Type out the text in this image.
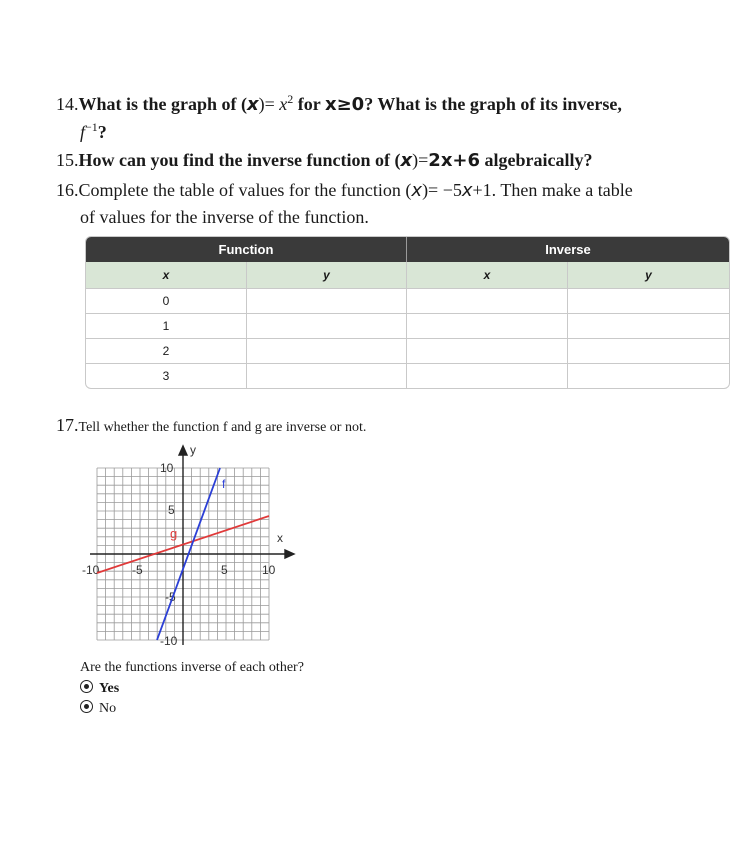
14.What is the graph of $(x)= x^2$ for x≥0? What is the graph of its inverse,
$f^{-1}$?
15.How can you find the inverse function of (x)=2x+6 algebraically?
16.Complete the table of values for the function (x)= −5x+1. Then make a table
of values for the inverse of the function.
Function	Inverse
x	y	x	y
0
1
2
3
17.Tell whether the function f and g are inverse or not.
y
x
10
5
-5
-10
-10	-5	5	10
g
f
Are the functions inverse of each other?
Yes
No
